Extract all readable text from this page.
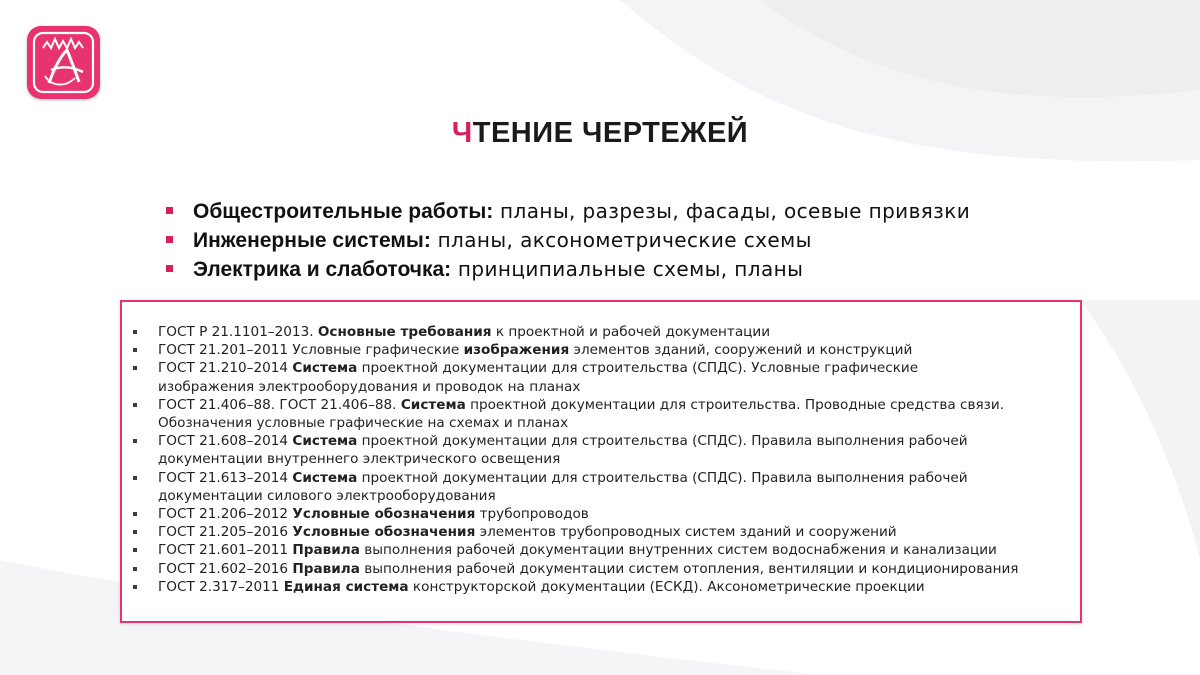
ЧТЕНИЕ ЧЕРТЕЖЕЙ
Общестроительные работы: планы, разрезы, фасады, осевые привязки
Инженерные системы: планы, аксонометрические схемы
Электрика и слаботочка: принципиальные схемы, планы
ГОСТ Р 21.1101–2013. Основные требования к проектной и рабочей документации
ГОСТ 21.201–2011 Условные графические изображения элементов зданий, сооружений и конструкций
ГОСТ 21.210–2014 Система проектной документации для строительства (СПДС). Условные графические
изображения электрооборудования и проводок на планах
ГОСТ 21.406–88. ГОСТ 21.406–88. Система проектной документации для строительства. Проводные средства связи.
Обозначения условные графические на схемах и планах
ГОСТ 21.608–2014 Система проектной документации для строительства (СПДС). Правила выполнения рабочей
документации внутреннего электрического освещения
ГОСТ 21.613–2014 Система проектной документации для строительства (СПДС). Правила выполнения рабочей
документации силового электрооборудования
ГОСТ 21.206–2012 Условные обозначения трубопроводов
ГОСТ 21.205–2016 Условные обозначения элементов трубопроводных систем зданий и сооружений
ГОСТ 21.601–2011 Правила выполнения рабочей документации внутренних систем водоснабжения и канализации
ГОСТ 21.602–2016 Правила выполнения рабочей документации систем отопления, вентиляции и кондиционирования
ГОСТ 2.317–2011 Единая система конструкторской документации (ЕСКД). Аксонометрические проекции
